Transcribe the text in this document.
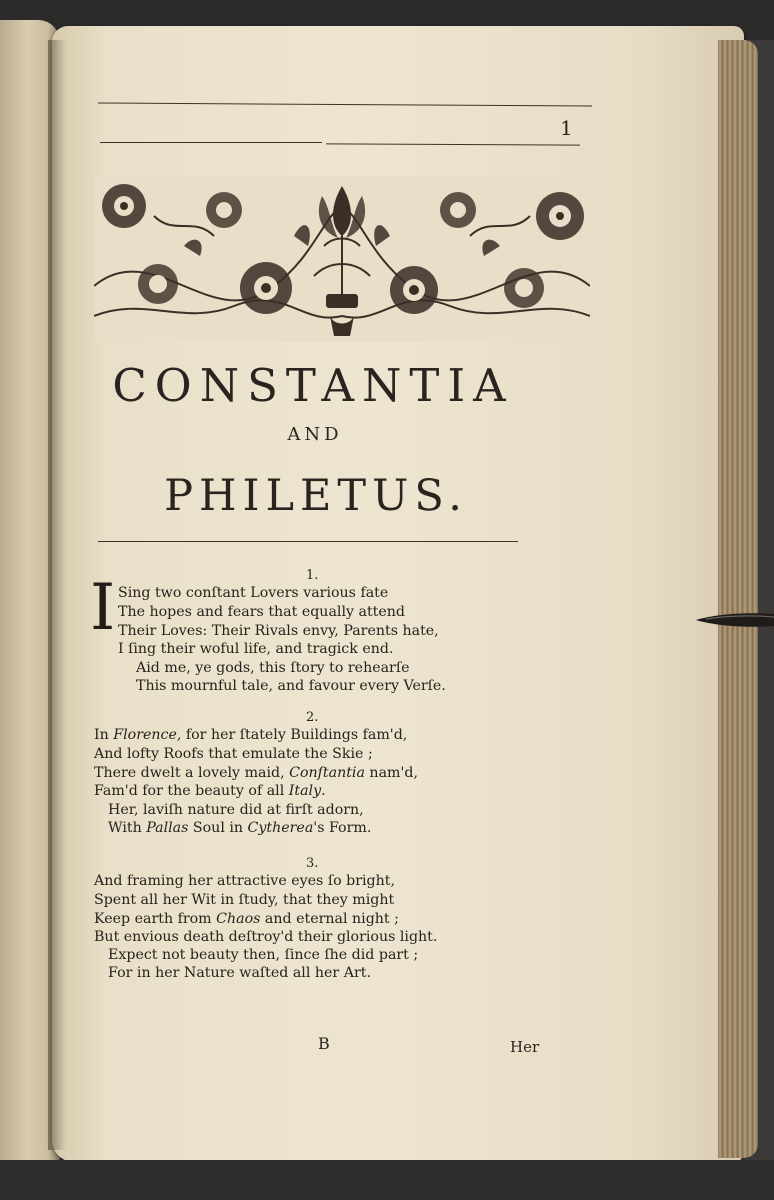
1
CONSTANTIA
AND
PHILETUS.
1.
I Sing two conſtant Lovers various fate
The hopes and fears that equally attend
Their Loves: Their Rivals envy, Parents hate,
I ſing their woful life, and tragick end.
Aid me, ye gods, this ſtory to rehearſe
This mournful tale, and favour every Verſe.
2.
In Florence, for her ſtately Buildings fam'd,
And lofty Roofs that emulate the Skie ;
There dwelt a lovely maid, Conſtantia nam'd,
Fam'd for the beauty of all Italy.
Her, laviſh nature did at firſt adorn,
With Pallas Soul in Cytherea's Form.
3.
And framing her attractive eyes ſo bright,
Spent all her Wit in ſtudy, that they might
Keep earth from Chaos and eternal night ;
But envious death deſtroy'd their glorious light.
Expect not beauty then, ſince ſhe did part ;
For in her Nature waſted all her Art.
B	Her
